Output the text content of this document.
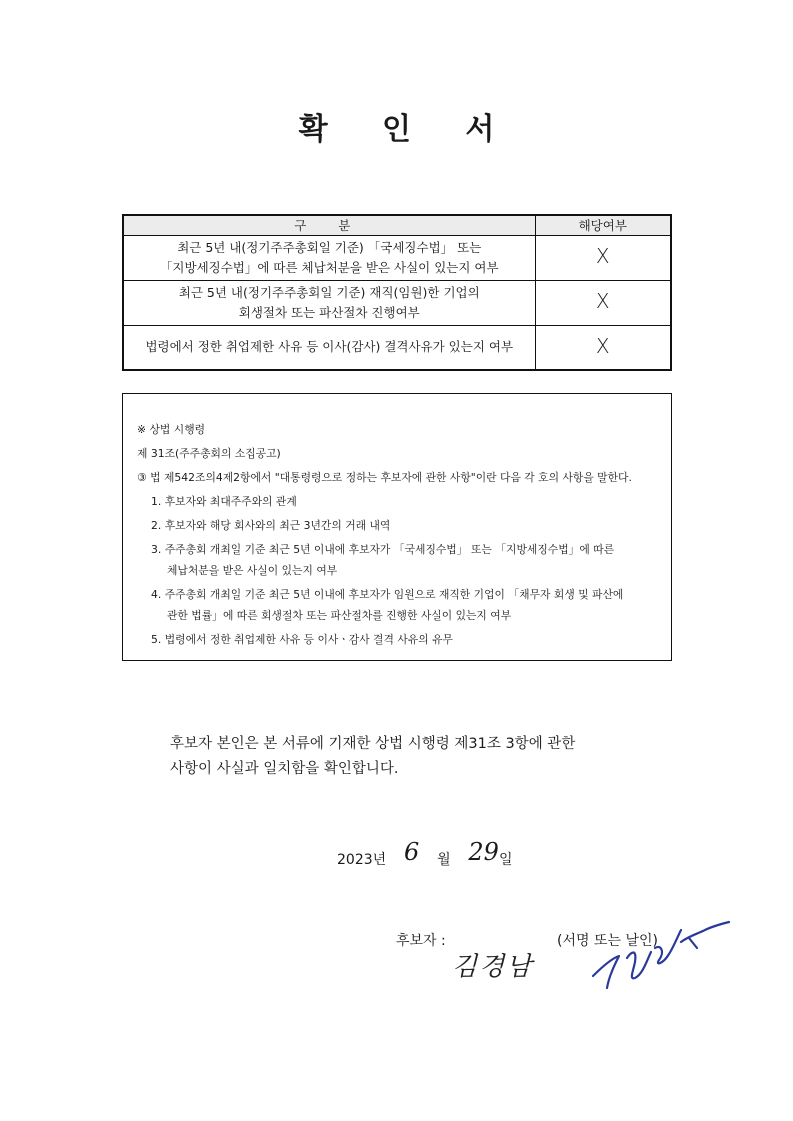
확 인 서
구 분	해당여부

최근 5년 내(정기주주총회일 기준) 「국세징수법」 또는
「지방세징수법」에 따른 체납처분을 받은 사실이 있는지 여부	X

최근 5년 내(정기주주총회일 기준) 재직(임원)한 기업의
회생절차 또는 파산절차 진행여부	X

법령에서 정한 취업제한 사유 등 이사(감사) 결격사유가 있는지 여부	X
※ 상법 시행령
제 31조(주주총회의 소집공고)
③ 법 제542조의4제2항에서 "대통령령으로 정하는 후보자에 관한 사항"이란 다음 각 호의 사항을 말한다.
1. 후보자와 최대주주와의 관계
2. 후보자와 해당 회사와의 최근 3년간의 거래 내역
3. 주주총회 개최일 기준 최근 5년 이내에 후보자가 「국세징수법」 또는 「지방세징수법」에 따른
체납처분을 받은 사실이 있는지 여부
4. 주주총회 개최일 기준 최근 5년 이내에 후보자가 임원으로 재직한 기업이 「채무자 회생 및 파산에
관한 법률」에 따른 회생절차 또는 파산절차를 진행한 사실이 있는지 여부
5. 법령에서 정한 취업제한 사유 등 이사ㆍ감사 결격 사유의 유무
후보자 본인은 본 서류에 기재한 상법 시행령 제31조 3항에 관한
사항이 사실과 일치함을 확인합니다.
2023년 6 월 29일
후보자 :
김경남
(서명 또는 날인)
